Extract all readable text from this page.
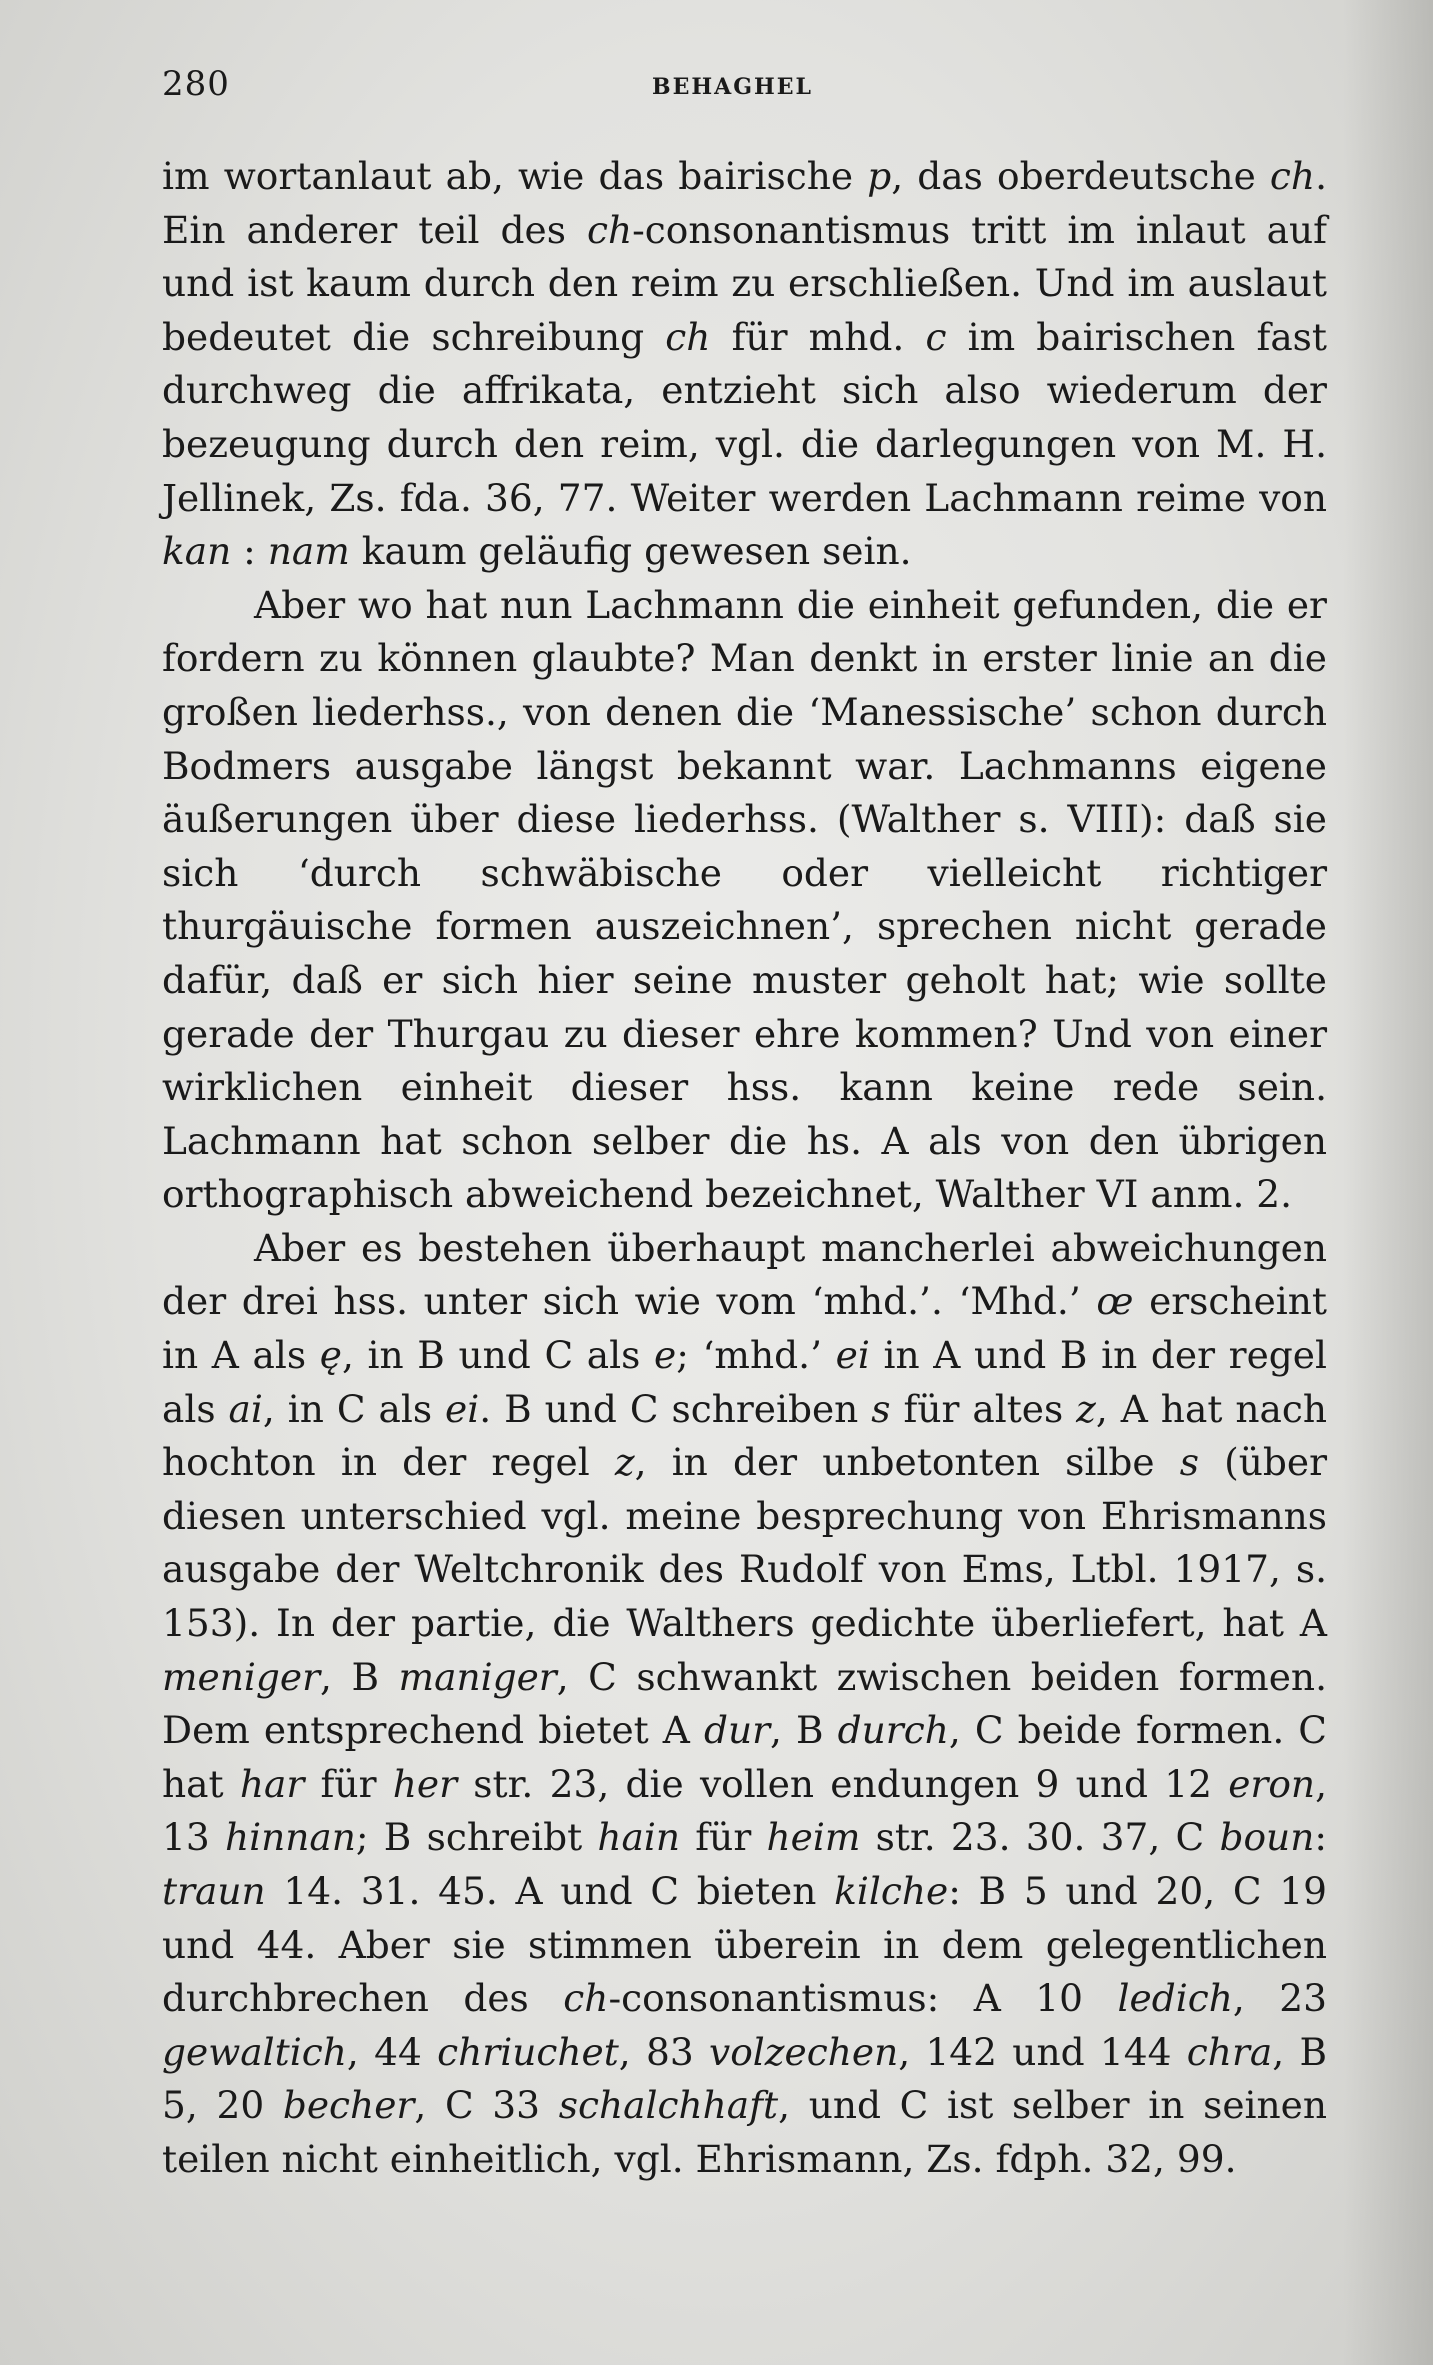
280	BEHAGHEL

im wortanlaut ab, wie das bairische p, das oberdeutsche ch. Ein anderer teil des ch-consonantismus tritt im inlaut auf und ist kaum durch den reim zu erschließen. Und im auslaut bedeutet die schreibung ch für mhd. c im bairischen fast durchweg die affrikata, entzieht sich also wiederum der bezeugung durch den reim, vgl. die darlegungen von M. H. Jellinek, Zs. fda. 36, 77. Weiter werden Lachmann reime von kan : nam kaum geläufig gewesen sein.

Aber wo hat nun Lachmann die einheit gefunden, die er fordern zu können glaubte? Man denkt in erster linie an die großen liederhss., von denen die ‘Manessische’ schon durch Bodmers ausgabe längst bekannt war. Lachmanns eigene äußerungen über diese liederhss. (Walther s. VIII): daß sie sich ‘durch schwäbische oder vielleicht richtiger thurgäuische formen auszeichnen’, sprechen nicht gerade dafür, daß er sich hier seine muster geholt hat; wie sollte gerade der Thurgau zu dieser ehre kommen? Und von einer wirklichen einheit dieser hss. kann keine rede sein. Lachmann hat schon selber die hs. A als von den übrigen orthographisch abweichend bezeichnet, Walther VI anm. 2.

Aber es bestehen überhaupt mancherlei abweichungen der drei hss. unter sich wie vom ‘mhd.’. ‘Mhd.’ œ erscheint in A als ę, in B und C als e; ‘mhd.’ ei in A und B in der regel als ai, in C als ei. B und C schreiben s für altes z, A hat nach hochton in der regel z, in der unbetonten silbe s (über diesen unterschied vgl. meine besprechung von Ehrismanns ausgabe der Weltchronik des Rudolf von Ems, Ltbl. 1917, s. 153). In der partie, die Walthers gedichte überliefert, hat A meniger, B maniger, C schwankt zwischen beiden formen. Dem entsprechend bietet A dur, B durch, C beide formen. C hat har für her str. 23, die vollen endungen 9 und 12 eron, 13 hinnan; B schreibt hain für heim str. 23. 30. 37, C boun: traun 14. 31. 45. A und C bieten kilche: B 5 und 20, C 19 und 44. Aber sie stimmen überein in dem gelegentlichen durchbrechen des ch-consonantismus: A 10 ledich, 23 gewaltich, 44 chriuchet, 83 volzechen, 142 und 144 chra, B 5, 20 becher, C 33 schalchhaft, und C ist selber in seinen teilen nicht einheitlich, vgl. Ehrismann, Zs. fdph. 32, 99.
